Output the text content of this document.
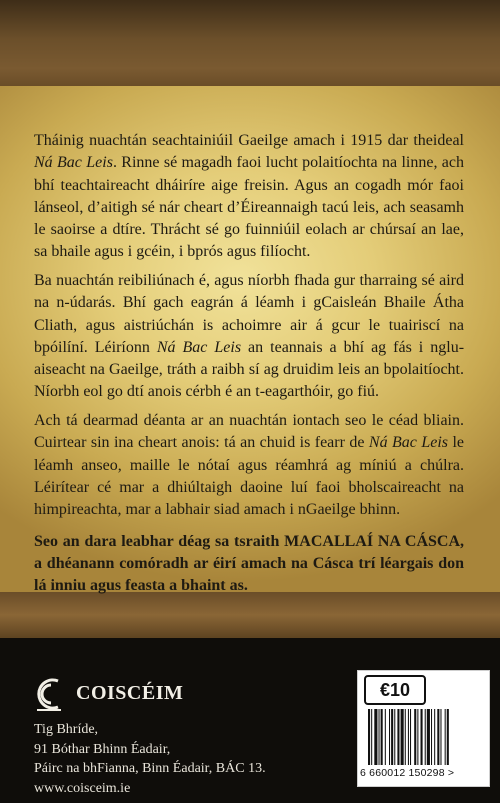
Tháinig nuachtán seachtainiúil Gaeilge amach i 1915 dar theideal Ná Bac Leis. Rinne sé magadh faoi lucht polaitíochta na linne, ach bhí teachtaireacht dháiríre aige freisin. Agus an cogadh mór faoi lánseol, d’aitigh sé nár cheart d’Éireannaigh tacú leis, ach seasamh le saoirse a dtíre. Thrácht sé go fuinniúil eolach ar chúrsaí an lae, sa bhaile agus i gcéin, i bprós agus filíocht.

Ba nuachtán reibiliúnach é, agus níorbh fhada gur tharraing sé aird na n-údarás. Bhí gach eagrán á léamh i gCaisleán Bhaile Átha Cliath, agus aistriúchán is achoimre air á gcur le tuairiscí na bpóilíní. Léiríonn Ná Bac Leis an teannais a bhí ag fás i ngluaiseacht na Gaeilge, tráth a raibh sí ag druidim leis an bpolaitíocht. Níorbh eol go dtí anois cérbh é an t-eagarthóir, go fiú.

Ach tá dearmad déanta ar an nuachtán iontach seo le céad bliain. Cuirtear sin ina cheart anois: tá an chuid is fearr de Ná Bac Leis le léamh anseo, maille le nótaí agus réamhrá ag míniú a chúlra. Léirítear cé mar a dhiúltaigh daoine luí faoi bholscaireacht na himpireachta, mar a labhair siad amach i nGaeilge bhinn.

Seo an dara leabhar déag sa tsraith MACALLAÍ NA CÁSCA, a dhéanann comóradh ar éirí amach na Cásca trí léargais don lá inniu agus feasta a bhaint as.

COISCÉIM
Tig Bhríde,
91 Bóthar Bhinn Éadair,
Páirc na bhFianna, Binn Éadair, BÁC 13.
www.coisceim.ie
€10
6 660012 150298 >
